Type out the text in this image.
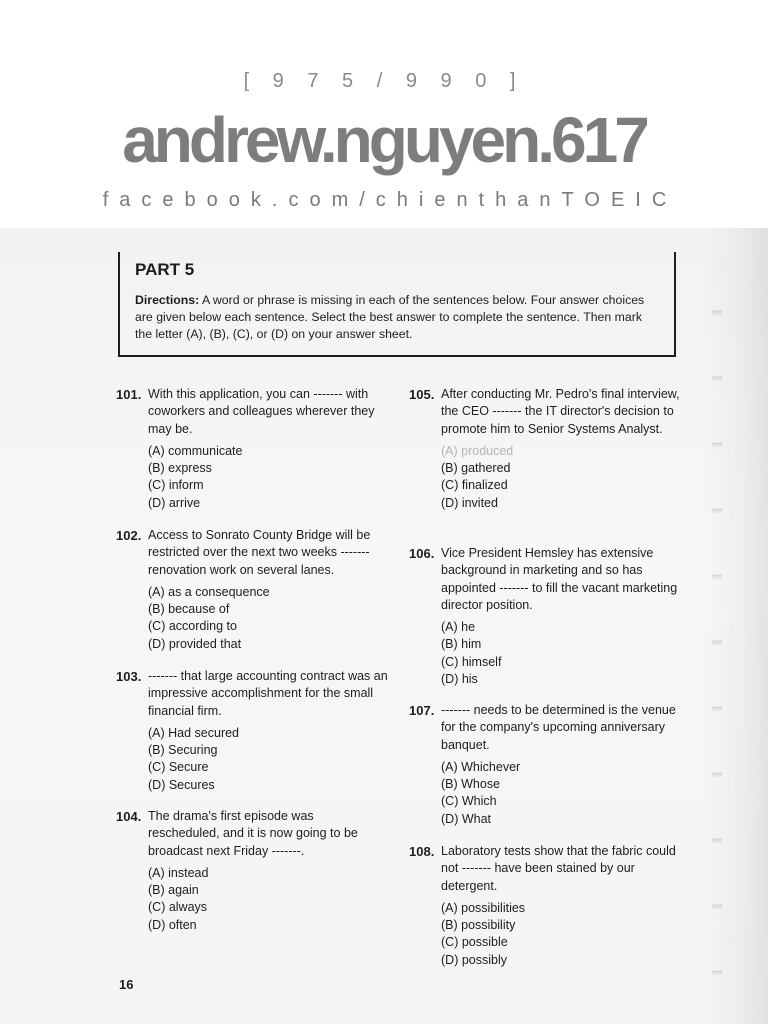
[ 9 7 5 / 9 9 0 ]
andrew.nguyen.617
facebook.com/chienthanTOEIC
PART 5
Directions: A word or phrase is missing in each of the sentences below. Four answer choices are given below each sentence. Select the best answer to complete the sentence. Then mark the letter (A), (B), (C), or (D) on your answer sheet.
101. With this application, you can ------- with coworkers and colleagues wherever they may be.
(A) communicate
(B) express
(C) inform
(D) arrive
102. Access to Sonrato County Bridge will be restricted over the next two weeks ------- renovation work on several lanes.
(A) as a consequence
(B) because of
(C) according to
(D) provided that
103. ------- that large accounting contract was an impressive accomplishment for the small financial firm.
(A) Had secured
(B) Securing
(C) Secure
(D) Secures
104. The drama's first episode was rescheduled, and it is now going to be broadcast next Friday -------.
(A) instead
(B) again
(C) always
(D) often
105. After conducting Mr. Pedro's final interview, the CEO ------- the IT director's decision to promote him to Senior Systems Analyst.
(A) produced
(B) gathered
(C) finalized
(D) invited
106. Vice President Hemsley has extensive background in marketing and so has appointed ------- to fill the vacant marketing director position.
(A) he
(B) him
(C) himself
(D) his
107. ------- needs to be determined is the venue for the company's upcoming anniversary banquet.
(A) Whichever
(B) Whose
(C) Which
(D) What
108. Laboratory tests show that the fabric could not ------- have been stained by our detergent.
(A) possibilities
(B) possibility
(C) possible
(D) possibly
16
